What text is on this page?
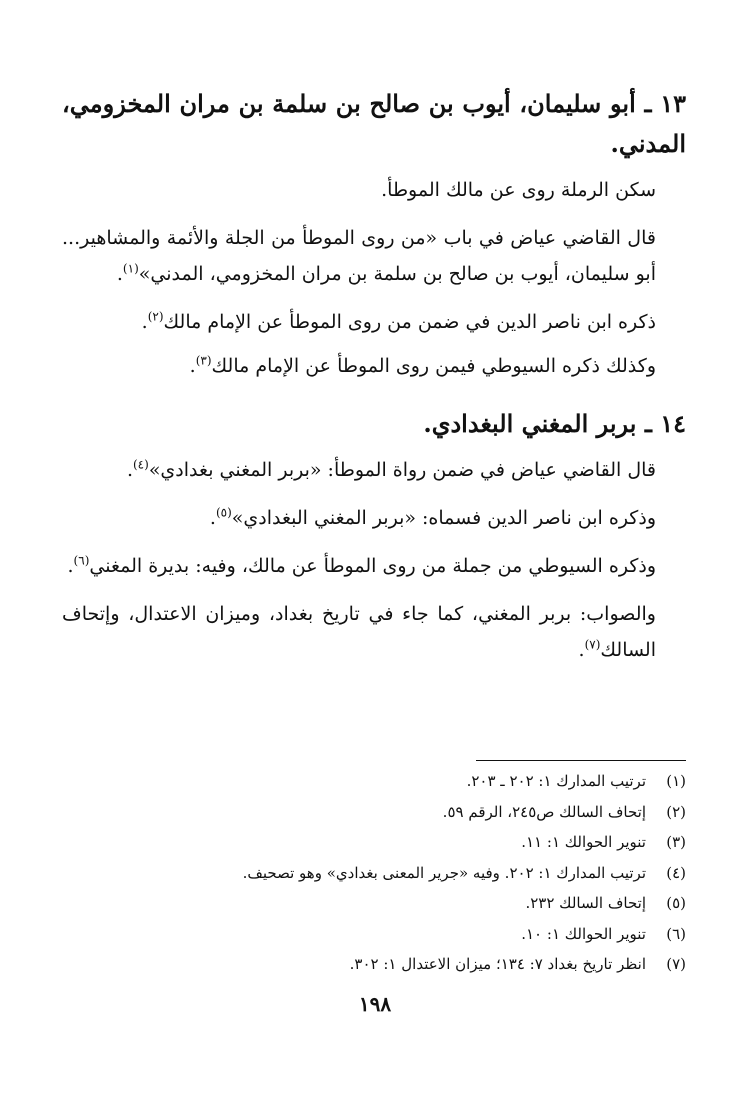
١٣ ـ أبو سليمان، أيوب بن صالح بن سلمة بن مران المخزومي، المدني.

سكن الرملة روى عن مالك الموطأ.

قال القاضي عياض في باب «من روى الموطأ من الجلة والأئمة والمشاهير... أبو سليمان، أيوب بن صالح بن سلمة بن مران المخزومي، المدني»$^{(١)}$.

ذكره ابن ناصر الدين في ضمن من روى الموطأ عن الإمام مالك$^{(٢)}$.

وكذلك ذكره السيوطي فيمن روى الموطأ عن الإمام مالك$^{(٣)}$.

١٤ ـ بربر المغني البغدادي.

قال القاضي عياض في ضمن رواة الموطأ: «بربر المغني بغدادي»$^{(٤)}$.

وذكره ابن ناصر الدين فسماه: «بربر المغني البغدادي»$^{(٥)}$.

وذكره السيوطي من جملة من روى الموطأ عن مالك، وفيه: بديرة المغني$^{(٦)}$.

والصواب: بربر المغني، كما جاء في تاريخ بغداد، وميزان الاعتدال، وإتحاف السالك$^{(٧)}$.

(١)
ترتيب المدارك ١: ٢٠٢ ـ ٢٠٣.
(٢)
إتحاف السالك ص٢٤٥، الرقم ٥٩.
(٣)
تنوير الحوالك ١: ١١.
(٤)
ترتيب المدارك ١: ٢٠٢. وفيه «جرير المعنى بغدادي» وهو تصحيف.
(٥)
إتحاف السالك ٢٣٢.
(٦)
تنوير الحوالك ١: ١٠.
(٧)
انظر تاريخ بغداد ٧: ١٣٤؛ ميزان الاعتدال ١: ٣٠٢.
١٩٨
